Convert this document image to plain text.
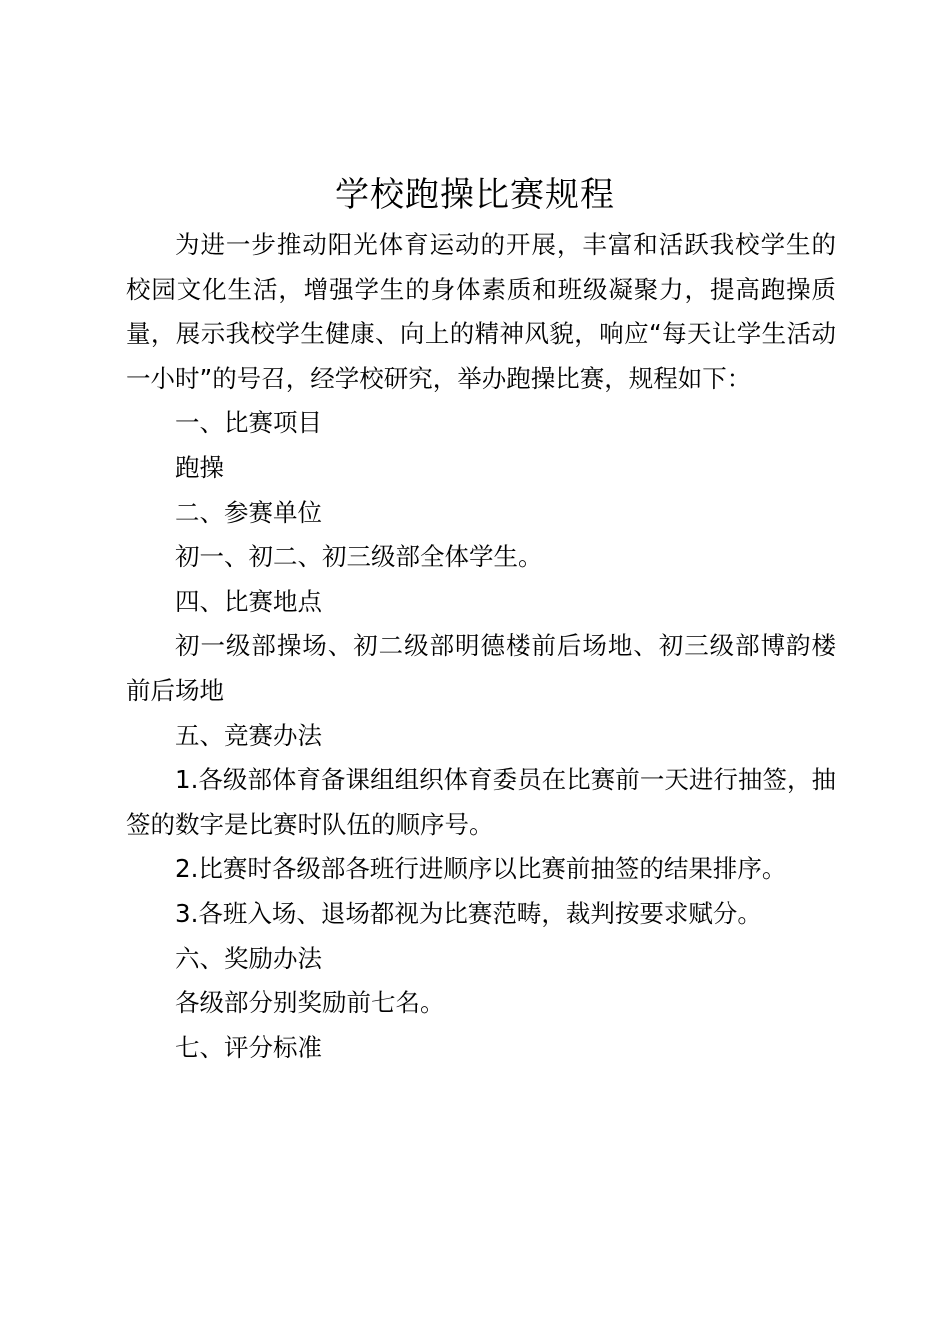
学校跑操比赛规程

为进一步推动阳光体育运动的开展，丰富和活跃我校学生的校园文化生活，增强学生的身体素质和班级凝聚力，提高跑操质量，展示我校学生健康、向上的精神风貌，响应“每天让学生活动一小时”的号召，经学校研究，举办跑操比赛，规程如下：

一、比赛项目

跑操

二、参赛单位

初一、初二、初三级部全体学生。

四、比赛地点

初一级部操场、初二级部明德楼前后场地、初三级部博韵楼前后场地

五、竞赛办法

1.各级部体育备课组组织体育委员在比赛前一天进行抽签，抽签的数字是比赛时队伍的顺序号。

2.比赛时各级部各班行进顺序以比赛前抽签的结果排序。

3.各班入场、退场都视为比赛范畴，裁判按要求赋分。

六、奖励办法

各级部分别奖励前七名。

七、评分标准
